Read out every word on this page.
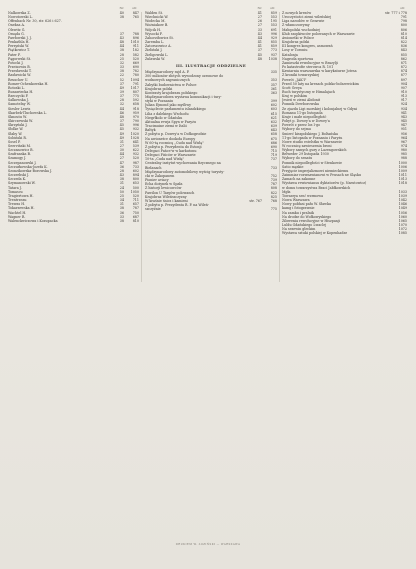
Nr.	str.
Nalkowska Z.	40	847
Nowotowski L.	38	765
Offenbach Nr. 30, str. 626 i 627.
Oneksa A.
Olewitz G.
Ossęda G.	37	788
Pawłowski J. J.	43	896
Penkathla H.	48	1010
Perzyński W.	44	911
Piątkowicz T.	38	182
Pater F.	28	582
Pągorwski St.	25	520
Potocki J.	32	669
Przeisowiu B.	33	690
Przesławski T.	38	782
Rasławicki W.	22	780
Reuscher U.	52	1094
Romer-Ochenkowska H.	37	791
Rotoski L.	49	1017
Runawiecka H.	39	807
Rzeczycki F.	37	775
Salkowska J.	28	592
Samotelny W.	32	658
Siesler Lewis	44	918
Skarbek-Tluchowska L.	46	959
Sknoutu W.	48	970
Skirczewski W.	37	790
Skrzyński J.	45	996
Słolke W.	45	932
Słaby W.	49	1020
Sobiński R.	49	1028
Sosel P.	31	641
Seerviński M.	27	539
Szczanowicz B.	30	622
Szafranska B.	44	932
Szamogy J.	27	520
Szczepanowski J.	47	987
Szczurkowska-Jozefa K.	36	733
Szonzikowska-Borowska J.	28	602
Szczerbski J.	43	894
Szczeda K.	38	800
Szymanowski W.	31	653
Tatara J.	24	500
Tomascu	50	1050
Tragiertowa H.	25	520
Trentrzeau	34	711
Trewas H.	31	657
Tokarzewska H.	38	787
Wachtel H.	36	750
Wagner R.	33	687
Walenckwiczowa i Kozupacka	38	810
Nr.	str.
Walden St.	41	859
Wiechnicki W.	27	553
Wodecka M.	26	195
Wożniakow B.	27	553
Wójcik H.	33	691
Wysocki F.	43	996
Zahorziłowicz St.	44	929
Zaremba L.	41	855
Zatorszowicz A.	41	859
Zieliński J.	37	773
Zieligowski L.	45	937
Żuławski W.	48	1038
III. ILUSTRACJE ODDZIELNE
Międzynarodowy rajd A. P.	335
300 milionów złotych wywodzony ozronowe do
wodnowych zagranicznych	353
Zabytki budownictwa w Polsce	357
Krajobraz polski	361
Kontrasty krajobrazu polskiego	363
Międzynarodowa wystawa komunikacji i tury-
styki w Poznaniu	399
Julian Ejmond jako myśliwy	602
Tysiąclecie parlamentu islandzkiego	603
Lilia z dalekiego Wschodu	615
Niegrłkolo w Gdańsku	621
Aktualna rewja Spyn w Paryżu	632
Tracimuine ziemi w Italii	639
Bałtyk	643
Z pobytu p. Dowey'a w Dołkogrodzie	658
Na awionetce dookoła Europy	675
W 60-tą rocznicę „Cudu nad Wisłą"	686
Z pobytu p. Pezrydenta do Estonji	690
Delegaci Pańce'w w karkutonu	715
Delegaci Fińców w Warszawie	719
10-ta „Cuda nad Wisłą"	737
Centralny instytut wychowania fizycznego na
Bielanach	733
Międzynarodowy automobilowy wyścig turysty-
cki w Zakopanem	752
Pionier aviacy	739
Echa dożynek w Spała	787
Z historji lewicowców	808
Pawilon U Targów polowanch	822
Krajobraz Wileńszczyzny	825
W kraśnie śnicz i kamieni	str. 767	768
Z pobytu p. Prezydenta R. P. na Wileń-
szczyźnie	775
str.
Z nowych kresów	str. 777 i 778
Uroczystości ziemi wileńskiej	791
Liga narodów w Genewie	798
Z włamczowymy	800
Małopolski wschodniej	806
Klub szopkiwców polowanych w Warszawie	810
Awionetki w Polsce	814
Krajobraz polski	822
III kongres kongres, asmowań	836
Losy w Toroniu	843
Katalonja	855
Nagroda sportowa	862
Zamieszki rewolucyjne w Brazylji	871
Po katastrofie sterowca R. 101	872
Kawiarnia warszawska w karykaturze Jotesa	874
Z kroniki towarzyskiej	877
Powrót „JAK'I"	897
Przed 50 laty na kresach polsko-bolszewickim	904
Scott Greya	907
Ruch turystyczny w Himalajach	910
Kraj w polskim	913
Jesień w ziemi Abdonit	917
Pomnik Dewborowska	924
Ze zjazdu Ligi morskiej i kolonjalnej w Gdyni	934
Romanu 11-go listopada	941
Kraje i małe niepodległość	943
Pobyt p. Dowey'a w Dowey'a	945
Powrót z przez los I-go	947
Wybory do sejmu	951
Śmierć kiszpolskiego J. Boltańska	956
11-go listopada w Poznaniu i Paryżu	964
Nowe studio estelstku w Warszawie	967
W rocznicę zawieszenia broni	974
Wybory samych gury z Lazengowskich	980
Belweder 29 listopada 1930	985
Wybory do senatu	988
Pomnik niepodległości w Stenkowie	1000
Satio męskie	1006
Przyjęcie imperjalizmowi niemieckiemu	1009
Zaimmiar rozwnawianowi w Prusach ne Śląsku	1011
Zamach na zakonne	1013
Wystawa rewiowiansu dyktatorów (p. Narutowicz)	1018
w domu towarzystwa Braci Jabłkowskich
Mgła	1033
Towarzya sen! wzrmowa	1039
Nowa Warszawa	1042
Nowy pobłasi pału W. Sławka	1046
kamg i fotograwnie	1049
Na zamku i pralnik	1056
Na drodze do Wołkowyskiego	1060
Ziberenia rewolucyjne w Hiszpanji	1065
Lublu Gdańskiego Lwaclej	1070
Na sezewin gleckim	1072
Wystawa sztuki polskiej w Kopenhadze	1085
DRUKIEM W. ŁOZIŃSKI — WARSZAWA
